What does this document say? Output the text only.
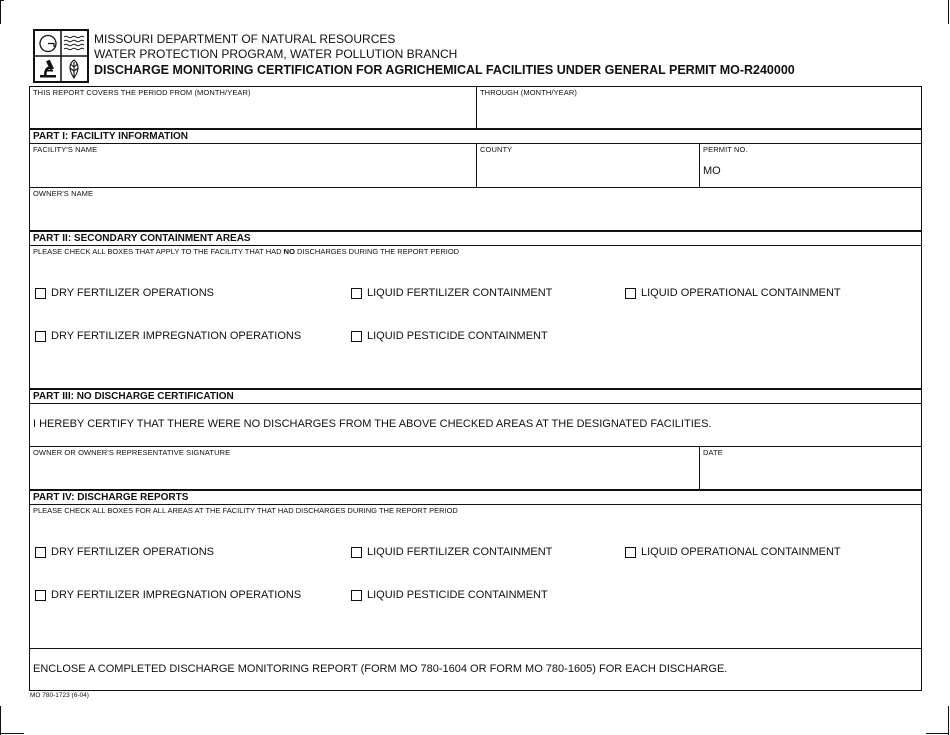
MISSOURI DEPARTMENT OF NATURAL RESOURCES
WATER PROTECTION PROGRAM, WATER POLLUTION BRANCH
DISCHARGE MONITORING CERTIFICATION FOR AGRICHEMICAL FACILITIES UNDER GENERAL PERMIT MO-R240000
THIS REPORT COVERS THE PERIOD FROM (MONTH/YEAR)	THROUGH (MONTH/YEAR)
PART I: FACILITY INFORMATION
FACILITY'S NAME	COUNTY	PERMIT NO.
MO
OWNER'S NAME
PART II: SECONDARY CONTAINMENT AREAS
PLEASE CHECK ALL BOXES THAT APPLY TO THE FACILITY THAT HAD NO DISCHARGES DURING THE REPORT PERIOD
DRY FERTILIZER OPERATIONS	LIQUID FERTILIZER CONTAINMENT	LIQUID OPERATIONAL CONTAINMENT
DRY FERTILIZER IMPREGNATION OPERATIONS	LIQUID PESTICIDE CONTAINMENT
PART III: NO DISCHARGE CERTIFICATION
I HEREBY CERTIFY THAT THERE WERE NO DISCHARGES FROM THE ABOVE CHECKED AREAS AT THE DESIGNATED FACILITIES.
OWNER OR OWNER'S REPRESENTATIVE SIGNATURE	DATE
PART IV: DISCHARGE REPORTS
PLEASE CHECK ALL BOXES FOR ALL AREAS AT THE FACILITY THAT HAD DISCHARGES DURING THE REPORT PERIOD
DRY FERTILIZER OPERATIONS	LIQUID FERTILIZER CONTAINMENT	LIQUID OPERATIONAL CONTAINMENT
DRY FERTILIZER IMPREGNATION OPERATIONS	LIQUID PESTICIDE CONTAINMENT
ENCLOSE A COMPLETED DISCHARGE MONITORING REPORT (FORM MO 780-1604 OR FORM MO 780-1605) FOR EACH DISCHARGE.
MO 780-1723 (6-04)
